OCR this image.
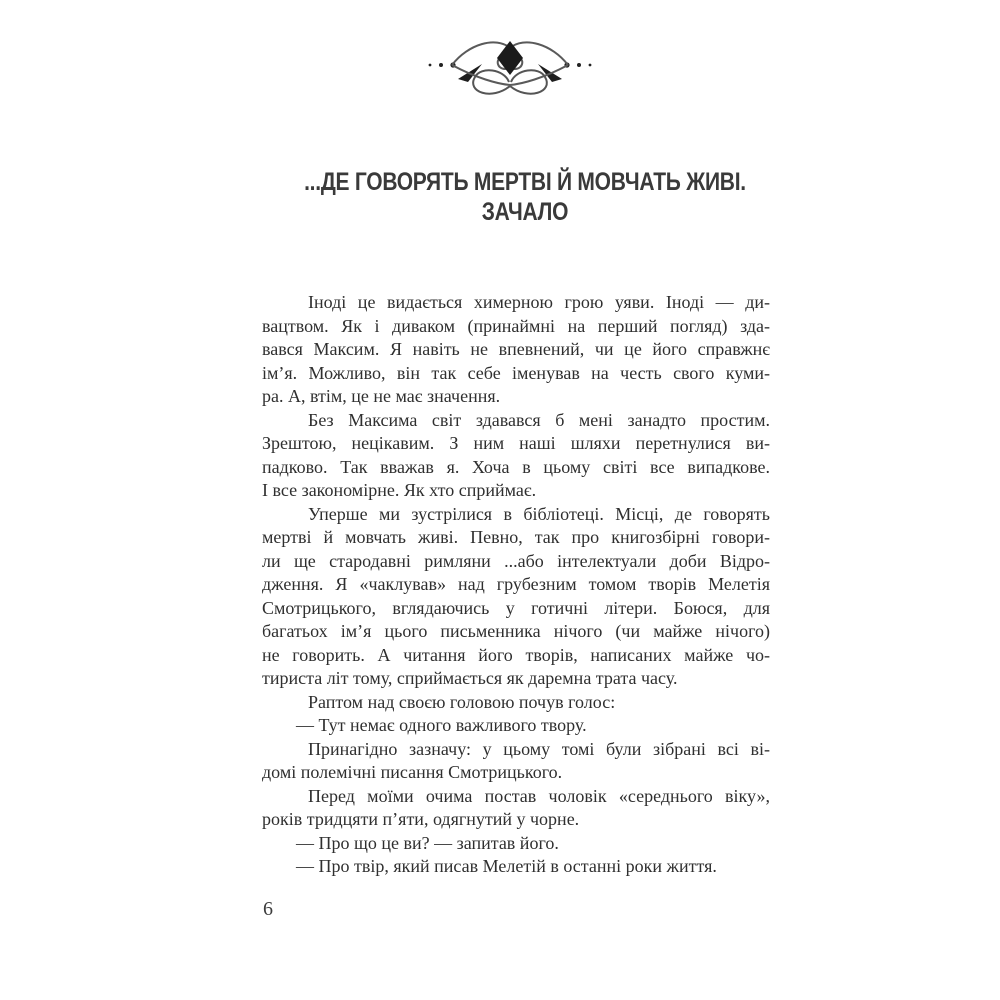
...ДЕ ГОВОРЯТЬ МЕРТВІ Й МОВЧАТЬ ЖИВІ.
ЗАЧАЛО
Іноді це видається химерною грою уяви. Іноді — ди-
вацтвом. Як і диваком (принаймні на перший погляд) зда-
вався Максим. Я навіть не впевнений, чи це його справжнє
ім’я. Можливо, він так себе іменував на честь свого куми-
ра. А, втім, це не має значення.
Без Максима світ здавався б мені занадто простим.
Зрештою, нецікавим. З ним наші шляхи перетнулися ви-
падково. Так вважав я. Хоча в цьому світі все випадкове.
І все закономірне. Як хто сприймає.
Уперше ми зустрілися в бібліотеці. Місці, де говорять
мертві й мовчать живі. Певно, так про книгозбірні говори-
ли ще стародавні римляни ...або інтелектуали доби Відро-
дження. Я «чаклував» над грубезним томом творів Мелетія
Смотрицького, вглядаючись у готичні літери. Боюся, для
багатьох ім’я цього письменника нічого (чи майже нічого)
не говорить. А читання його творів, написаних майже чо-
тириста літ тому, сприймається як даремна трата часу.
Раптом над своєю головою почув голос:
— Тут немає одного важливого твору.
Принагідно зазначу: у цьому томі були зібрані всі ві-
домі полемічні писання Смотрицького.
Перед моїми очима постав чоловік «середнього віку»,
років тридцяти п’яти, одягнутий у чорне.
— Про що це ви? — запитав його.
— Про твір, який писав Мелетій в останні роки життя.
6
